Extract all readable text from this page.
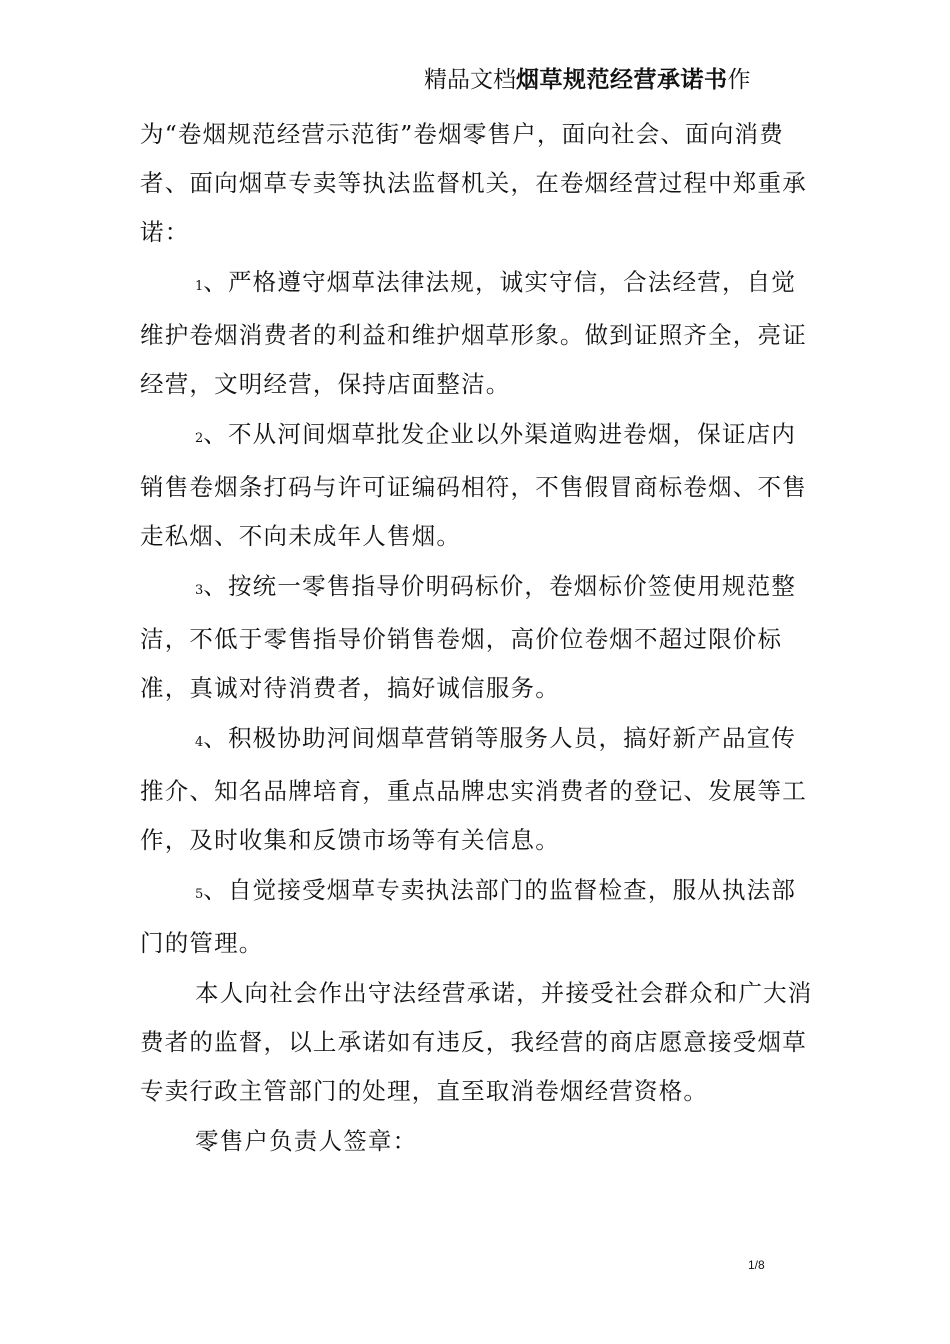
精品文档烟草规范经营承诺书作

为“卷烟规范经营示范街”卷烟零售户，面向社会、面向消费者、面向烟草专卖等执法监督机关，在卷烟经营过程中郑重承诺：

1、严格遵守烟草法律法规，诚实守信，合法经营，自觉维护卷烟消费者的利益和维护烟草形象。做到证照齐全，亮证经营，文明经营，保持店面整洁。

2、不从河间烟草批发企业以外渠道购进卷烟，保证店内销售卷烟条打码与许可证编码相符，不售假冒商标卷烟、不售走私烟、不向未成年人售烟。

3、按统一零售指导价明码标价，卷烟标价签使用规范整洁，不低于零售指导价销售卷烟，高价位卷烟不超过限价标准，真诚对待消费者，搞好诚信服务。

4、积极协助河间烟草营销等服务人员，搞好新产品宣传推介、知名品牌培育，重点品牌忠实消费者的登记、发展等工作，及时收集和反馈市场等有关信息。

5、自觉接受烟草专卖执法部门的监督检查，服从执法部门的管理。

本人向社会作出守法经营承诺，并接受社会群众和广大消费者的监督，以上承诺如有违反，我经营的商店愿意接受烟草专卖行政主管部门的处理，直至取消卷烟经营资格。

零售户负责人签章：
1/8
